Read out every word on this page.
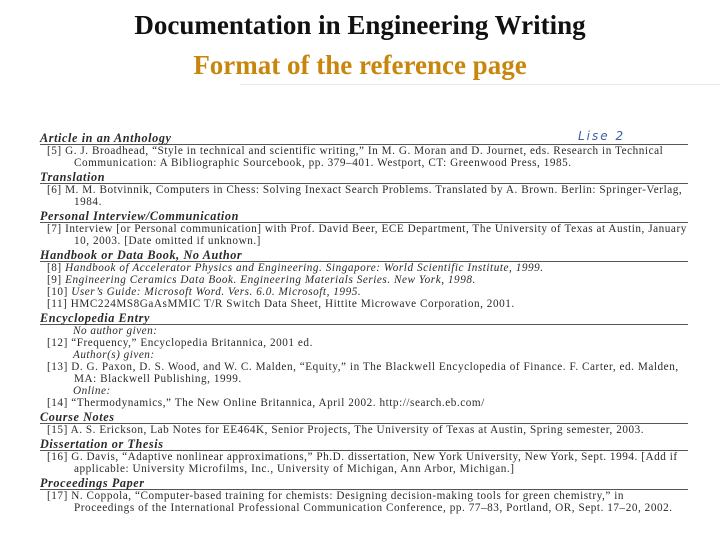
Documentation in Engineering Writing
Format of the reference page
Lise 2
Article in an Anthology

[5] G. J. Broadhead, “Style in technical and scientific writing,” In M. G. Moran and D. Journet, eds. Research in Technical Communication: A Bibliographic Sourcebook, pp. 379–401. Westport, CT: Greenwood Press, 1985.

Translation

[6] M. M. Botvinnik, Computers in Chess: Solving Inexact Search Problems. Translated by A. Brown. Berlin: Springer-Verlag, 1984.

Personal Interview/Communication

[7] Interview [or Personal communication] with Prof. David Beer, ECE Department, The University of Texas at Austin, January 10, 2003. [Date omitted if unknown.]

Handbook or Data Book, No Author

[8] Handbook of Accelerator Physics and Engineering. Singapore: World Scientific Institute, 1999.

[9] Engineering Ceramics Data Book. Engineering Materials Series. New York, 1998.

[10] User’s Guide: Microsoft Word. Vers. 6.0. Microsoft, 1995.

[11] HMC224MS8GaAsMMIC T/R Switch Data Sheet, Hittite Microwave Corporation, 2001.

Encyclopedia Entry

No author given:

[12] “Frequency,” Encyclopedia Britannica, 2001 ed.

Author(s) given:

[13] D. G. Paxon, D. S. Wood, and W. C. Malden, “Equity,” in The Blackwell Encyclopedia of Finance. F. Carter, ed. Malden, MA: Blackwell Publishing, 1999.

Online:

[14] “Thermodynamics,” The New Online Britannica, April 2002. http://search.eb.com/

Course Notes

[15] A. S. Erickson, Lab Notes for EE464K, Senior Projects, The University of Texas at Austin, Spring semester, 2003.

Dissertation or Thesis

[16] G. Davis, “Adaptive nonlinear approximations,” Ph.D. dissertation, New York University, New York, Sept. 1994. [Add if applicable: University Microfilms, Inc., University of Michigan, Ann Arbor, Michigan.]

Proceedings Paper

[17] N. Coppola, “Computer-based training for chemists: Designing decision-making tools for green chemistry,” in Proceedings of the International Professional Communication Conference, pp. 77–83, Portland, OR, Sept. 17–20, 2002.
